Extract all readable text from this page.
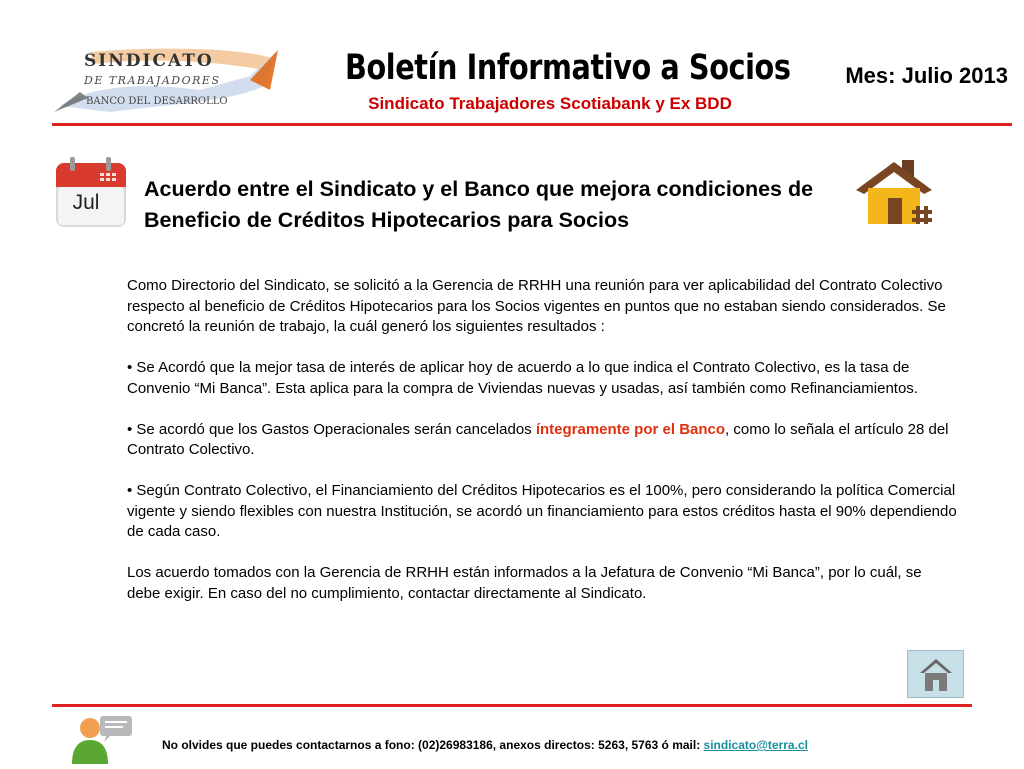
SINDICATO
DE TRABAJADORES
BANCO DEL DESARROLLO
Boletín Informativo a Socios
Sindicato Trabajadores Scotiabank y Ex BDD
Mes: Julio 2013
Jul
Acuerdo entre el Sindicato y el Banco que mejora condiciones de Beneficio de Créditos Hipotecarios para Socios

Como Directorio del Sindicato, se solicitó a la Gerencia de RRHH una reunión para ver aplicabilidad del Contrato Colectivo respecto al beneficio de Créditos Hipotecarios para los Socios vigentes en puntos que no estaban siendo considerados. Se concretó la reunión de trabajo, la cuál generó los siguientes resultados :

• Se Acordó que la mejor tasa de interés de aplicar hoy de acuerdo a lo que indica el Contrato Colectivo, es la tasa de Convenio “Mi Banca”. Esta aplica para la compra de Viviendas nuevas y usadas, así también como Refinanciamientos.

• Se acordó que los Gastos Operacionales serán cancelados íntegramente por el Banco, como lo señala el artículo 28 del Contrato Colectivo.

• Según Contrato Colectivo, el Financiamiento del Créditos Hipotecarios es el 100%, pero considerando la política Comercial vigente y siendo flexibles con nuestra Institución, se acordó un financiamiento para estos créditos hasta el 90% dependiendo de cada caso.

Los acuerdo tomados con la Gerencia de RRHH están informados a la Jefatura de Convenio “Mi Banca”, por lo cuál, se debe exigir. En caso del no cumplimiento, contactar directamente al Sindicato.

No olvides que puedes contactarnos a fono: (02)26983186, anexos directos: 5263, 5763 ó mail: sindicato@terra.cl
